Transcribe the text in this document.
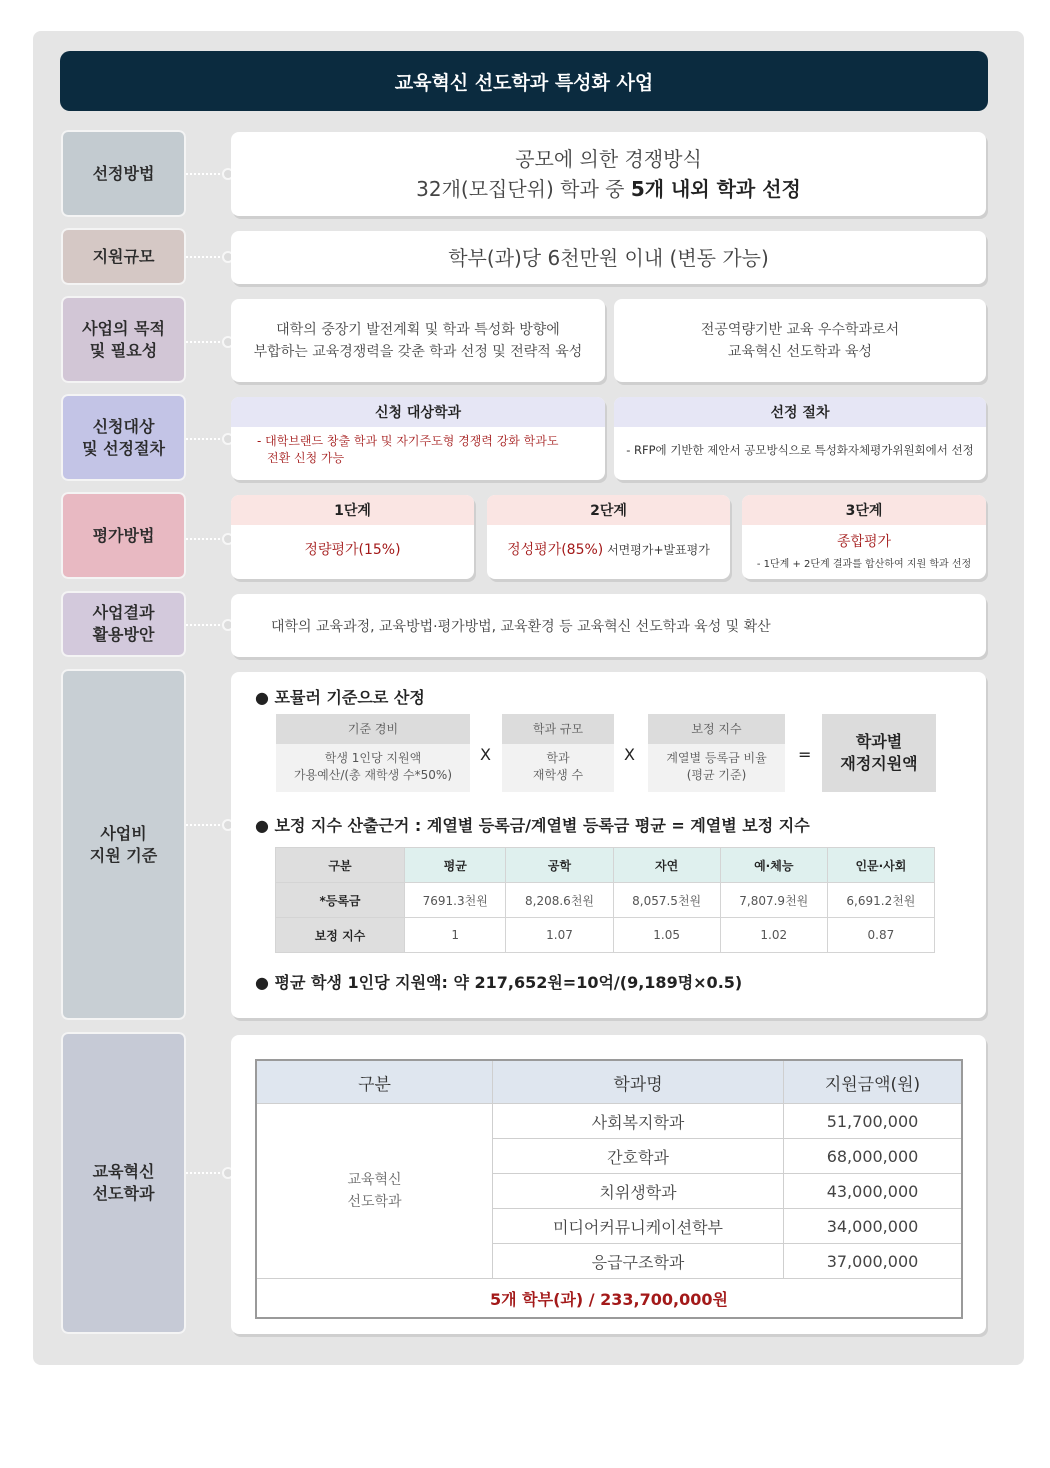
교육혁신 선도학과 특성화 사업
선정방법
공모에 의한 경쟁방식
32개(모집단위) 학과 중 5개 내외 학과 선정
지원규모	학부(과)당 6천만원 이내 (변동 가능)
사업의 목적
및 필요성
대학의 중장기 발전계획 및 학과 특성화 방향에
부합하는 교육경쟁력을 갖춘 학과 선정 및 전략적 육성
전공역량기반 교육 우수학과로서
교육혁신 선도학과 육성
신청대상
및 선정절차
신청 대상학과
- 대학브랜드 창출 학과 및 자기주도형 경쟁력 강화 학과도
전환 신청 가능
선정 절차
- RFP에 기반한 제안서 공모방식으로 특성화자체평가위원회에서 선정
평가방법
1단계
정량평가(15%)
2단계
정성평가(85%) 서면평가+발표평가
3단계
종합평가
- 1단계 + 2단계 결과를 합산하여 지원 학과 선정
사업결과
활용방안	대학의 교육과정, 교육방법·평가방법, 교육환경 등 교육혁신 선도학과 육성 및 확산
사업비
지원 기준
● 포뮬러 기준으로 산정
기준 경비
학생 1인당 지원액
가용예산/(총 재학생 수*50%)
X
학과 규모
학과
재학생 수
X
보정 지수
계열별 등록금 비율
(평균 기준)
=
학과별
재정지원액
● 보정 지수 산출근거 : 계열별 등록금/계열별 등록금 평균 = 계열별 보정 지수
구분	평균	공학	자연	예·체능	인문·사회
*등록금	7691.3천원	8,208.6천원	8,057.5천원	7,807.9천원	6,691.2천원
보정 지수	1	1.07	1.05	1.02	0.87
● 평균 학생 1인당 지원액: 약 217,652원=10억/(9,189명×0.5)
교육혁신
선도학과
구분	학과명	지원금액(원)
교육혁신
선도학과	사회복지학과	51,700,000
	간호학과	68,000,000
	치위생학과	43,000,000
	미디어커뮤니케이션학부	34,000,000
	응급구조학과	37,000,000
5개 학부(과) / 233,700,000원		
